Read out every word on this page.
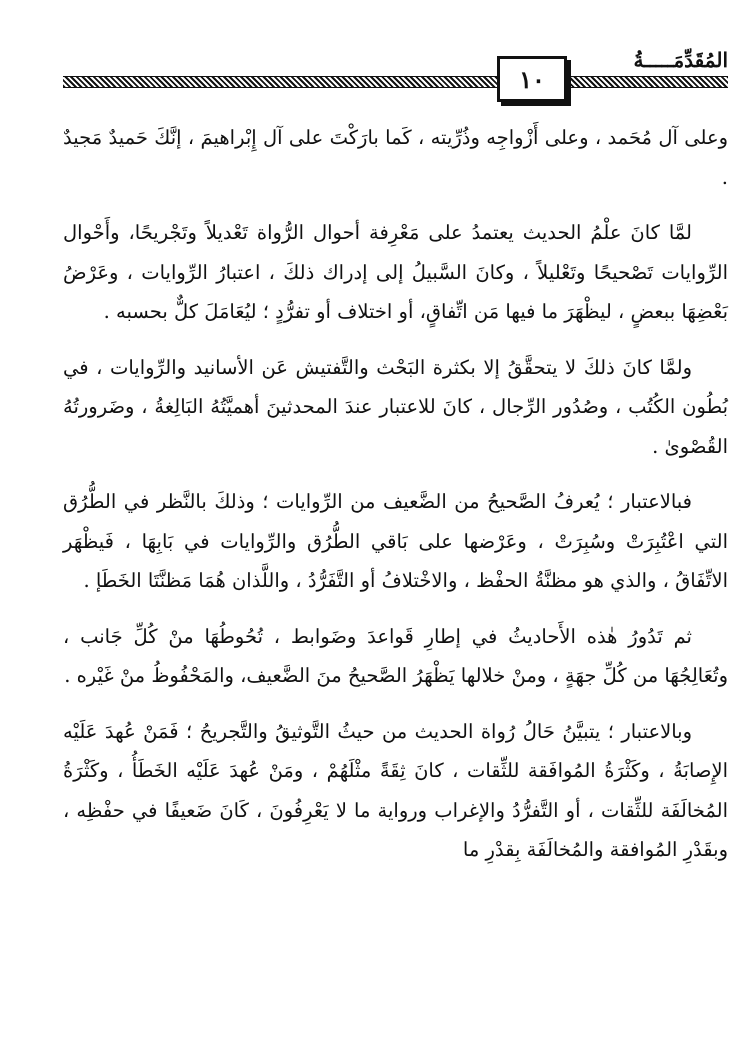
المُقَدِّمَـــــةُ
١٠

وعلى آل مُحَمد ، وعلى أَزْواجِه وذُرِّيته ، كَما بارَكْتَ على آل إِبْراهيمَ ، إنَّكَ حَميدٌ مَجيدٌ .

لمَّا كانَ علْمُ الحديث يعتمدُ على مَعْرِفة أحوال الرُّواة تَعْديلاً وتَجْريحًا، وأَحْوال الرِّوايات تَصْحيحًا وتَعْليلاً ، وكانَ السَّبيلُ إلى إدراك ذلكَ ، اعتبارُ الرِّوايات ، وعَرْضُ بَعْضِهَا ببعضٍ ، ليظْهَرَ ما فيها مَن اتِّفاقٍ، أو اختلاف أو تفرُّدٍ ؛ ليُعَامَلَ كلٌّ بحسبه .

ولمَّا كانَ ذلكَ لا يتحقَّقُ إلا بكثرة البَحْث والتَّفتيش عَن الأسانيد والرِّوايات ، في بُطُون الكُتُب ، وصُدُور الرِّجال ، كانَ للاعتبار عندَ المحدثينَ أهميَّتُهُ البَالِغةُ ، وضَرورتُهُ القُصْوىٰ .

فبالاعتبار ؛ يُعرفُ الصَّحيحُ من الضَّعيف من الرِّوايات ؛ وذلكَ بالنَّظر في الطُّرُق التي اعْتُبِرَتْ وسُبِرَتْ ، وعَرْضها على بَاقي الطُّرُق والرِّوايات في بَابِهَا ، فَيظْهَر الاتِّفَاقُ ، والذي هو مظنَّةُ الحفْظ ، والاخْتلافُ أو التَّفَرُّدُ ، واللَّذان هُمَا مَظنَّتَا الخَطَإ .

ثم تَدُورُ هٰذه الأَحاديثُ في إطارِ قَواعدَ وضَوابط ، تُحُوطُهَا منْ كُلِّ جَانب ، وتُعَالِجُهَا من كُلِّ جهَةٍ ، ومنْ خلالها يَظْهَرُ الصَّحيحُ منَ الضَّعيف، والمَحْفُوظُ منْ غَيْره .

وبالاعتبار ؛ يتبيَّنُ حَالُ رُواة الحديث من حيثُ التَّوثيقُ والتَّجريحُ ؛ فَمَنْ عُهدَ عَلَيْه الإِصابَةُ ، وكَثْرَةُ المُوافَقة للثِّقات ، كانَ ثِقَةً مثْلَهُمْ ، ومَنْ عُهدَ عَلَيْه الخَطَأُ ، وكَثْرَةُ المُخالَفَة للثِّقات ، أو التَّفرُّدُ والإغراب ورواية ما لا يَعْرِفُونَ ، كَانَ ضَعيفًا في حفْظِه ، وبقَدْرِ المُوافقة والمُخالَفَة بِقدْرِ ما
